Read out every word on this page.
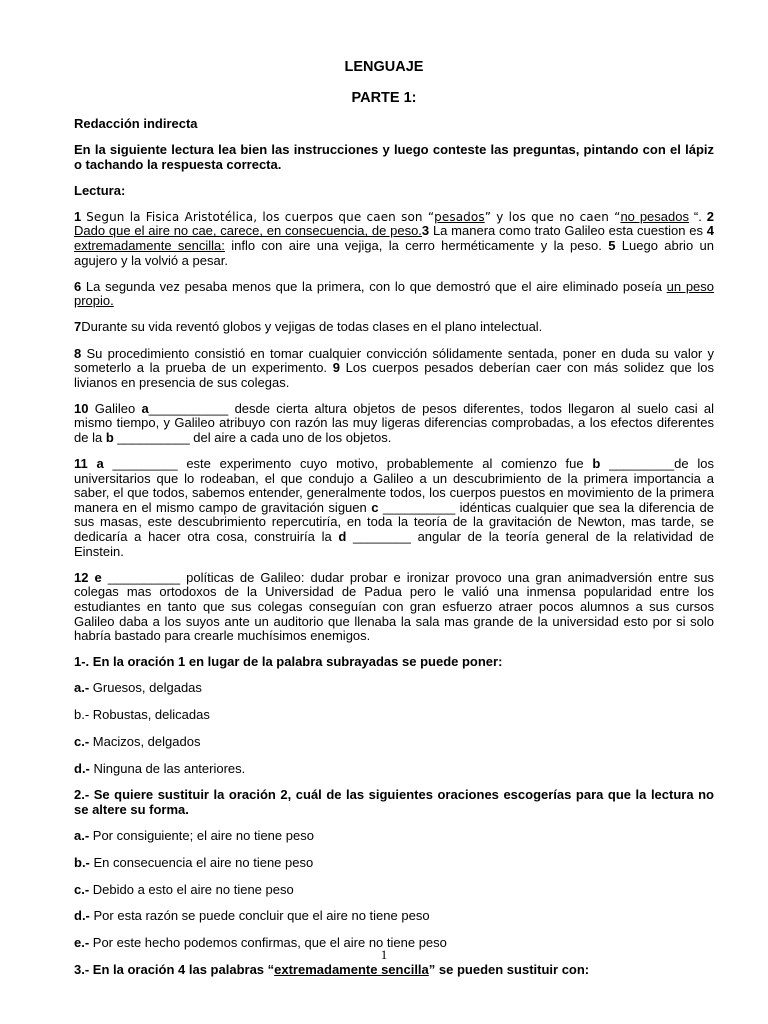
LENGUAJE
PARTE 1:

Redacción indirecta

En la siguiente lectura lea bien las instrucciones y luego conteste las preguntas, pintando con el lápiz o tachando la respuesta correcta.

Lectura:

1 Segun la Fisica Aristotélica, los cuerpos que caen son “pesados” y los que no caen “no pesados “. 2 Dado que el aire no cae, carece, en consecuencia, de peso.3 La manera como trato Galileo esta cuestion es 4 extremadamente sencilla: inflo con aire una vejiga, la cerro herméticamente y la peso. 5 Luego abrio un agujero y la volvió a pesar.

6 La segunda vez pesaba menos que la primera, con lo que demostró que el aire eliminado poseía un peso propio.

7Durante su vida reventó globos y vejigas de todas clases en el plano intelectual.

8 Su procedimiento consistió en tomar cualquier convicción sólidamente sentada, poner en duda su valor y someterlo a la prueba de un experimento. 9 Los cuerpos pesados deberían caer con más solidez que los livianos en presencia de sus colegas.

10 Galileo a___________ desde cierta altura objetos de pesos diferentes, todos llegaron al suelo casi al mismo tiempo, y Galileo atribuyo con razón las muy ligeras diferencias comprobadas, a los efectos diferentes de la b __________ del aire a cada uno de los objetos.

11 a _________ este experimento cuyo motivo, probablemente al comienzo fue b _________de los universitarios que lo rodeaban, el que condujo a Galileo a un descubrimiento de la primera importancia a saber, el que todos, sabemos entender, generalmente todos, los cuerpos puestos en movimiento de la primera manera en el mismo campo de gravitación siguen c __________ idénticas cualquier que sea la diferencia de sus masas, este descubrimiento repercutiría, en toda la teoría de la gravitación de Newton, mas tarde, se dedicaría a hacer otra cosa, construiría la d ________ angular de la teoría general de la relatividad de Einstein.

12 e __________ políticas de Galileo: dudar probar e ironizar provoco una gran animadversión entre sus colegas mas ortodoxos de la Universidad de Padua pero le valió una inmensa popularidad entre los estudiantes en tanto que sus colegas conseguían con gran esfuerzo atraer pocos alumnos a sus cursos Galileo daba a los suyos ante un auditorio que llenaba la sala mas grande de la universidad esto por si solo habría bastado para crearle muchísimos enemigos.

1-. En la oración 1 en lugar de la palabra subrayadas se puede poner:

a.- Gruesos, delgadas

b.- Robustas, delicadas

c.- Macizos, delgados

d.- Ninguna de las anteriores.

2.- Se quiere sustituir la oración 2, cuál de las siguientes oraciones escogerías para que la lectura no se altere su forma.

a.- Por consiguiente; el aire no tiene peso

b.- En consecuencia el aire no tiene peso

c.- Debido a esto el aire no tiene peso

d.- Por esta razón se puede concluir que el aire no tiene peso

e.- Por este hecho podemos confirmas, que el aire no tiene peso

3.- En la oración 4 las palabras “extremadamente sencilla” se pueden sustituir con:

1
